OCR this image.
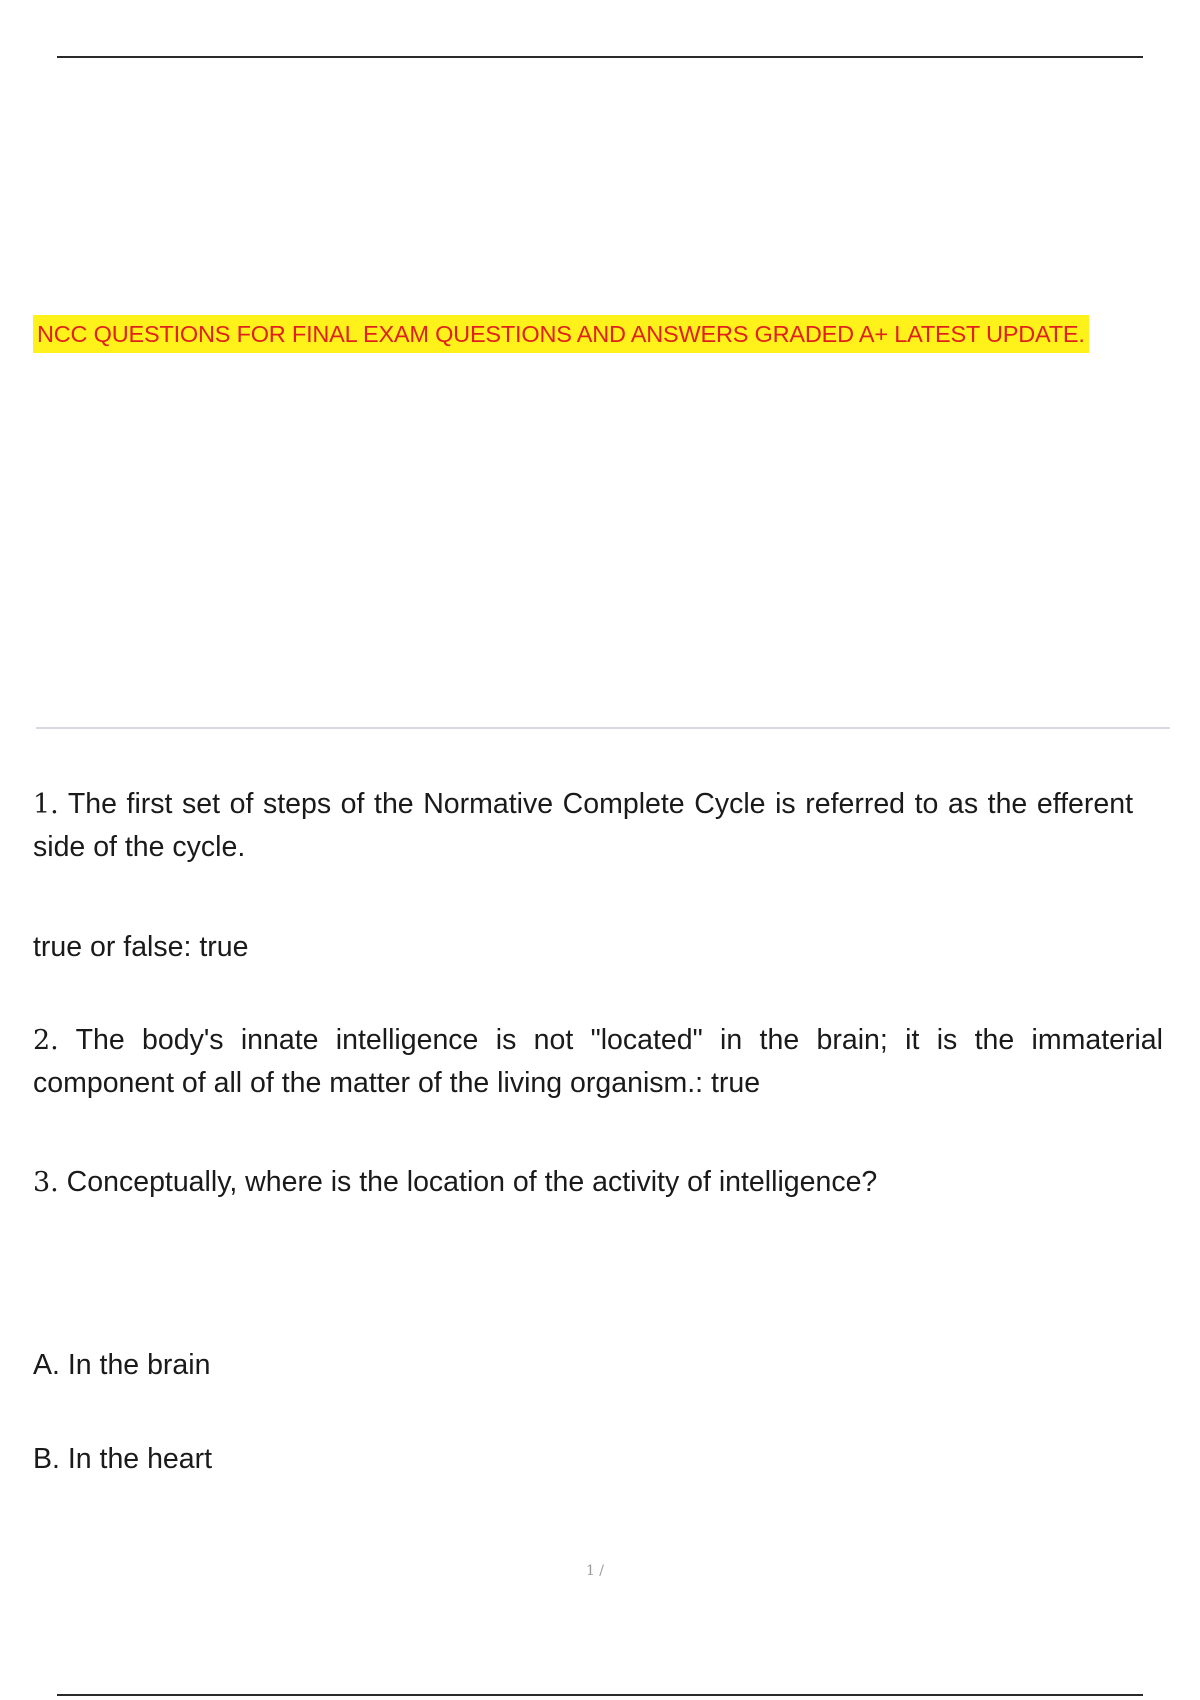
NCC QUESTIONS FOR FINAL EXAM QUESTIONS AND ANSWERS GRADED A+ LATEST UPDATE.

1. The first set of steps of the Normative Complete Cycle is referred to as the efferent side of the cycle.

true or false: true

2. The body's innate intelligence is not "located" in the brain; it is the immaterial component of all of the matter of the living organism.: true

3. Conceptually, where is the location of the activity of intelligence?

A. In the brain

B. In the heart

1 /
